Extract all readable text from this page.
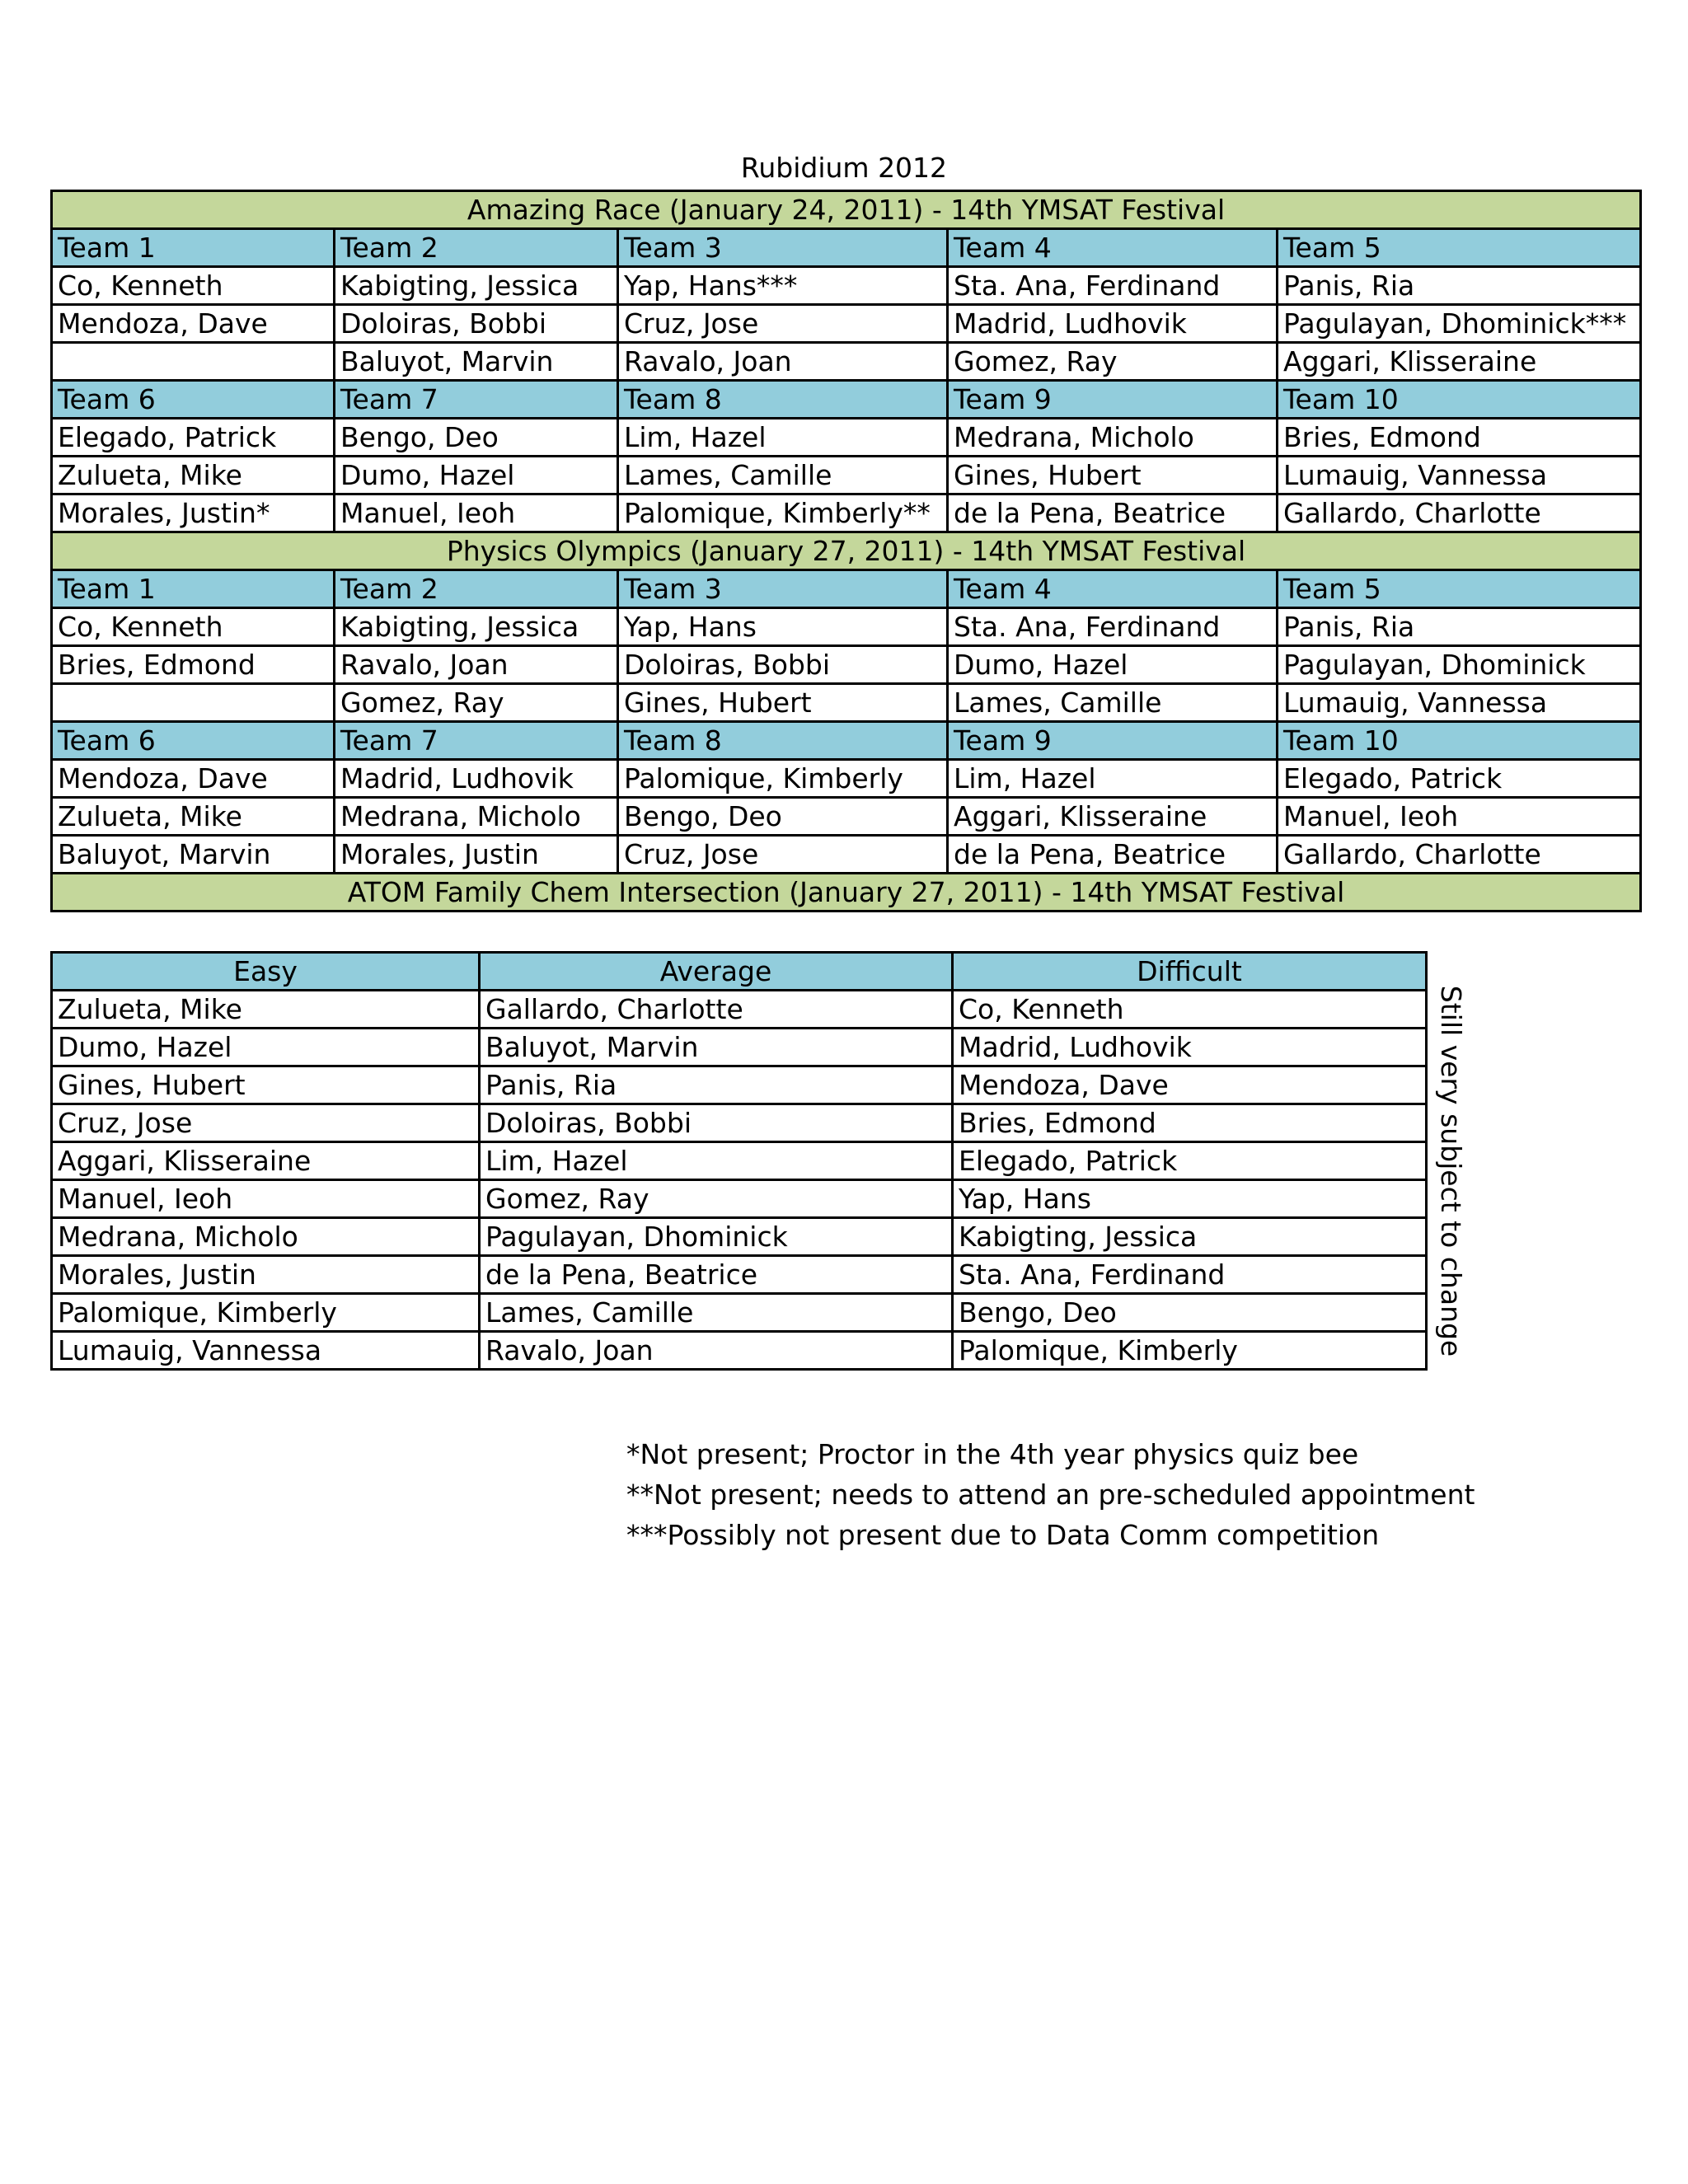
Rubidium 2012
Amazing Race (January 24, 2011) - 14th YMSAT Festival				
Team 1	Team 2	Team 3	Team 4	Team 5
Co, Kenneth	Kabigting, Jessica	Yap, Hans***	Sta. Ana, Ferdinand	Panis, Ria
Mendoza, Dave	Doloiras, Bobbi	Cruz, Jose	Madrid, Ludhovik	Pagulayan, Dhominick***
	Baluyot, Marvin	Ravalo, Joan	Gomez, Ray	Aggari, Klisseraine
Team 6	Team 7	Team 8	Team 9	Team 10
Elegado, Patrick	Bengo, Deo	Lim, Hazel	Medrana, Micholo	Bries, Edmond
Zulueta, Mike	Dumo, Hazel	Lames, Camille	Gines, Hubert	Lumauig, Vannessa
Morales, Justin*	Manuel, Ieoh	Palomique, Kimberly**	de la Pena, Beatrice	Gallardo, Charlotte
Physics Olympics (January 27, 2011) - 14th YMSAT Festival				
Team 1	Team 2	Team 3	Team 4	Team 5
Co, Kenneth	Kabigting, Jessica	Yap, Hans	Sta. Ana, Ferdinand	Panis, Ria
Bries, Edmond	Ravalo, Joan	Doloiras, Bobbi	Dumo, Hazel	Pagulayan, Dhominick
	Gomez, Ray	Gines, Hubert	Lames, Camille	Lumauig, Vannessa
Team 6	Team 7	Team 8	Team 9	Team 10
Mendoza, Dave	Madrid, Ludhovik	Palomique, Kimberly	Lim, Hazel	Elegado, Patrick
Zulueta, Mike	Medrana, Micholo	Bengo, Deo	Aggari, Klisseraine	Manuel, Ieoh
Baluyot, Marvin	Morales, Justin	Cruz, Jose	de la Pena, Beatrice	Gallardo, Charlotte
ATOM Family Chem Intersection (January 27, 2011) - 14th YMSAT Festival				
Easy	Average	Difficult
Zulueta, Mike	Gallardo, Charlotte	Co, Kenneth
Dumo, Hazel	Baluyot, Marvin	Madrid, Ludhovik
Gines, Hubert	Panis, Ria	Mendoza, Dave
Cruz, Jose	Doloiras, Bobbi	Bries, Edmond
Aggari, Klisseraine	Lim, Hazel	Elegado, Patrick
Manuel, Ieoh	Gomez, Ray	Yap, Hans
Medrana, Micholo	Pagulayan, Dhominick	Kabigting, Jessica
Morales, Justin	de la Pena, Beatrice	Sta. Ana, Ferdinand
Palomique, Kimberly	Lames, Camille	Bengo, Deo
Lumauig, Vannessa	Ravalo, Joan	Palomique, Kimberly	Still very subject to change
*Not present; Proctor in the 4th year physics quiz bee
**Not present; needs to attend an pre-scheduled appointment
***Possibly not present due to Data Comm competition
